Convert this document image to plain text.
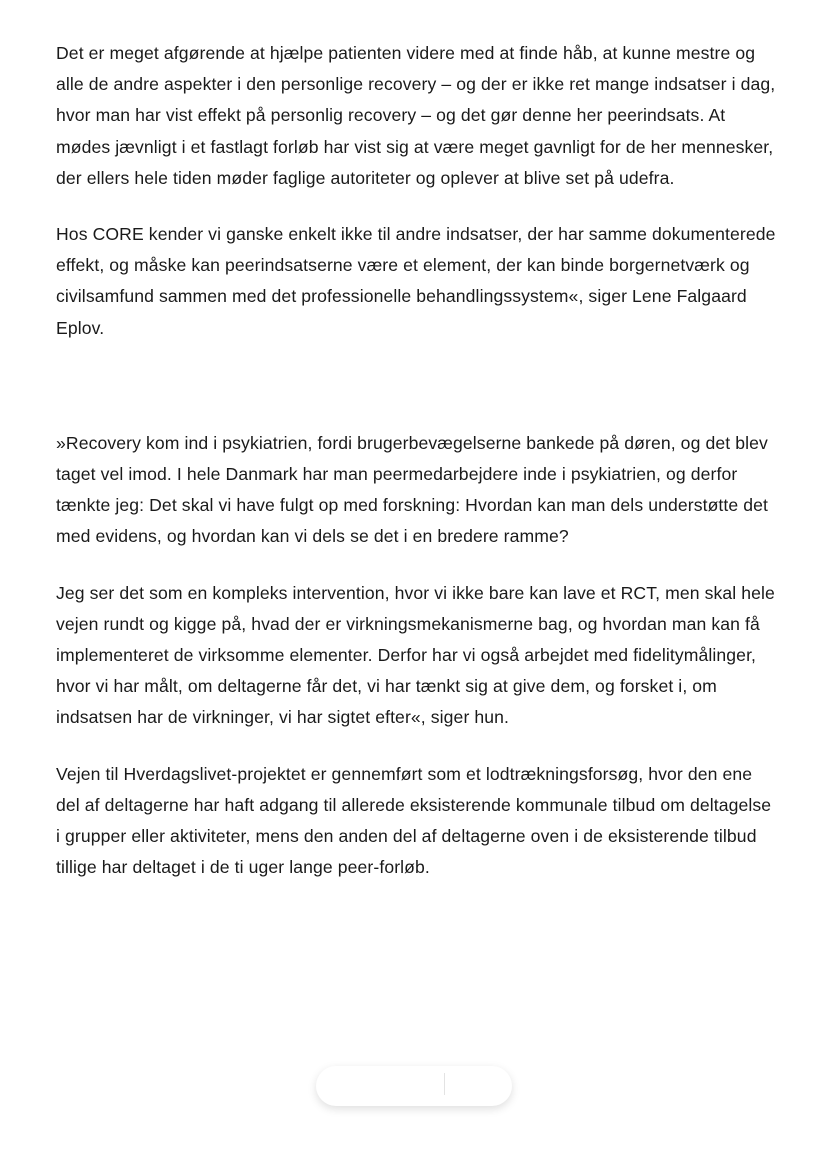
Det er meget afgørende at hjælpe patienten videre med at finde håb, at kunne mestre og alle de andre aspekter i den personlige recovery – og der er ikke ret mange indsatser i dag, hvor man har vist effekt på personlig recovery – og det gør denne her peerindsats. At mødes jævnligt i et fastlagt forløb har vist sig at være meget gavnligt for de her mennesker, der ellers hele tiden møder faglige autoriteter og oplever at blive set på udefra.

Hos CORE kender vi ganske enkelt ikke til andre indsatser, der har samme dokumenterede effekt, og måske kan peerindsatserne være et element, der kan binde borgernetværk og civilsamfund sammen med det professionelle behandlingssystem«, siger Lene Falgaard Eplov.

»Recovery kom ind i psykiatrien, fordi brugerbevægelserne bankede på døren, og det blev taget vel imod. I hele Danmark har man peermedarbejdere inde i psykiatrien, og derfor tænkte jeg: Det skal vi have fulgt op med forskning: Hvordan kan man dels understøtte det med evidens, og hvordan kan vi dels se det i en bredere ramme?

Jeg ser det som en kompleks intervention, hvor vi ikke bare kan lave et RCT, men skal hele vejen rundt og kigge på, hvad der er virkningsmekanismerne bag, og hvordan man kan få implementeret de virksomme elementer. Derfor har vi også arbejdet med fidelitymålinger, hvor vi har målt, om deltagerne får det, vi har tænkt sig at give dem, og forsket i, om indsatsen har de virkninger, vi har sigtet efter«, siger hun.

Vejen til Hverdagslivet-projektet er gennemført som et lodtrækningsforsøg, hvor den ene del af deltagerne har haft adgang til allerede eksisterende kommunale tilbud om deltagelse i grupper eller aktiviteter, mens den anden del af deltagerne oven i de eksisterende tilbud tillige har deltaget i de ti uger lange peer-forløb.
